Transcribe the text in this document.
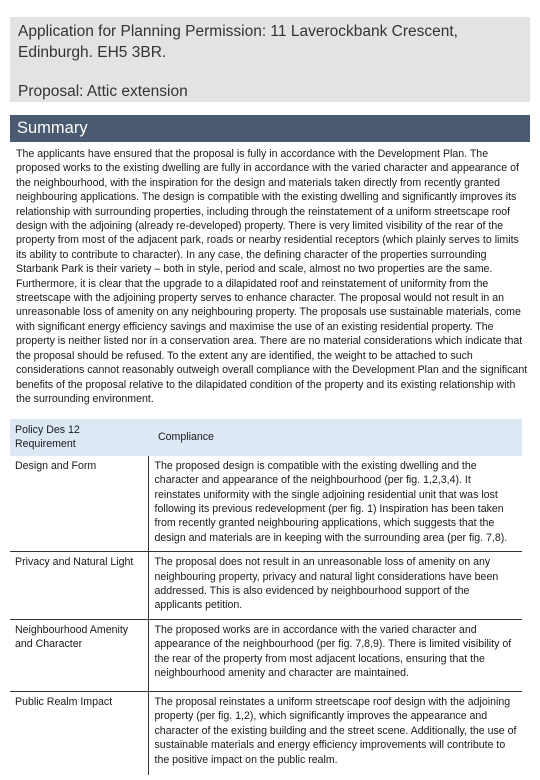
Application for Planning Permission: 11 Laverockbank Crescent, Edinburgh. EH5 3BR.

Proposal: Attic extension

Summary

The applicants have ensured that the proposal is fully in accordance with the Development Plan. The proposed works to the existing dwelling are fully in accordance with the varied character and appearance of the neighbourhood, with the inspiration for the design and materials taken directly from recently granted neighbouring applications. The design is compatible with the existing dwelling and significantly improves its relationship with surrounding properties, including through the reinstatement of a uniform streetscape roof design with the adjoining (already re-developed) property. There is very limited visibility of the rear of the property from most of the adjacent park, roads or nearby residential receptors (which plainly serves to limits its ability to contribute to character). In any case, the defining character of the properties surrounding Starbank Park is their variety – both in style, period and scale, almost no two properties are the same. Furthermore, it is clear that the upgrade to a dilapidated roof and reinstatement of uniformity from the streetscape with the adjoining property serves to enhance character. The proposal would not result in an unreasonable loss of amenity on any neighbouring property. The proposals use sustainable materials, come with significant energy efficiency savings and maximise the use of an existing residential property. The property is neither listed nor in a conservation area. There are no material considerations which indicate that the proposal should be refused. To the extent any are identified, the weight to be attached to such considerations cannot reasonably outweigh overall compliance with the Development Plan and the significant benefits of the proposal relative to the dilapidated condition of the property and its existing relationship with the surrounding environment.

Policy Des 12 Requirement	Compliance
Design and Form	The proposed design is compatible with the existing dwelling and the character and appearance of the neighbourhood (per fig. 1,2,3,4). It reinstates uniformity with the single adjoining residential unit that was lost following its previous redevelopment (per fig. 1) Inspiration has been taken from recently granted neighbouring applications, which suggests that the design and materials are in keeping with the surrounding area (per fig. 7,8).
Privacy and Natural Light	The proposal does not result in an unreasonable loss of amenity on any neighbouring property, privacy and natural light considerations have been addressed. This is also evidenced by neighbourhood support of the applicants petition.
Neighbourhood Amenity and Character	The proposed works are in accordance with the varied character and appearance of the neighbourhood (per fig. 7,8,9). There is limited visibility of the rear of the property from most adjacent locations, ensuring that the neighbourhood amenity and character are maintained.
Public Realm Impact	The proposal reinstates a uniform streetscape roof design with the adjoining property (per fig. 1,2), which significantly improves the appearance and character of the existing building and the street scene. Additionally, the use of sustainable materials and energy efficiency improvements will contribute to the positive impact on the public realm.
